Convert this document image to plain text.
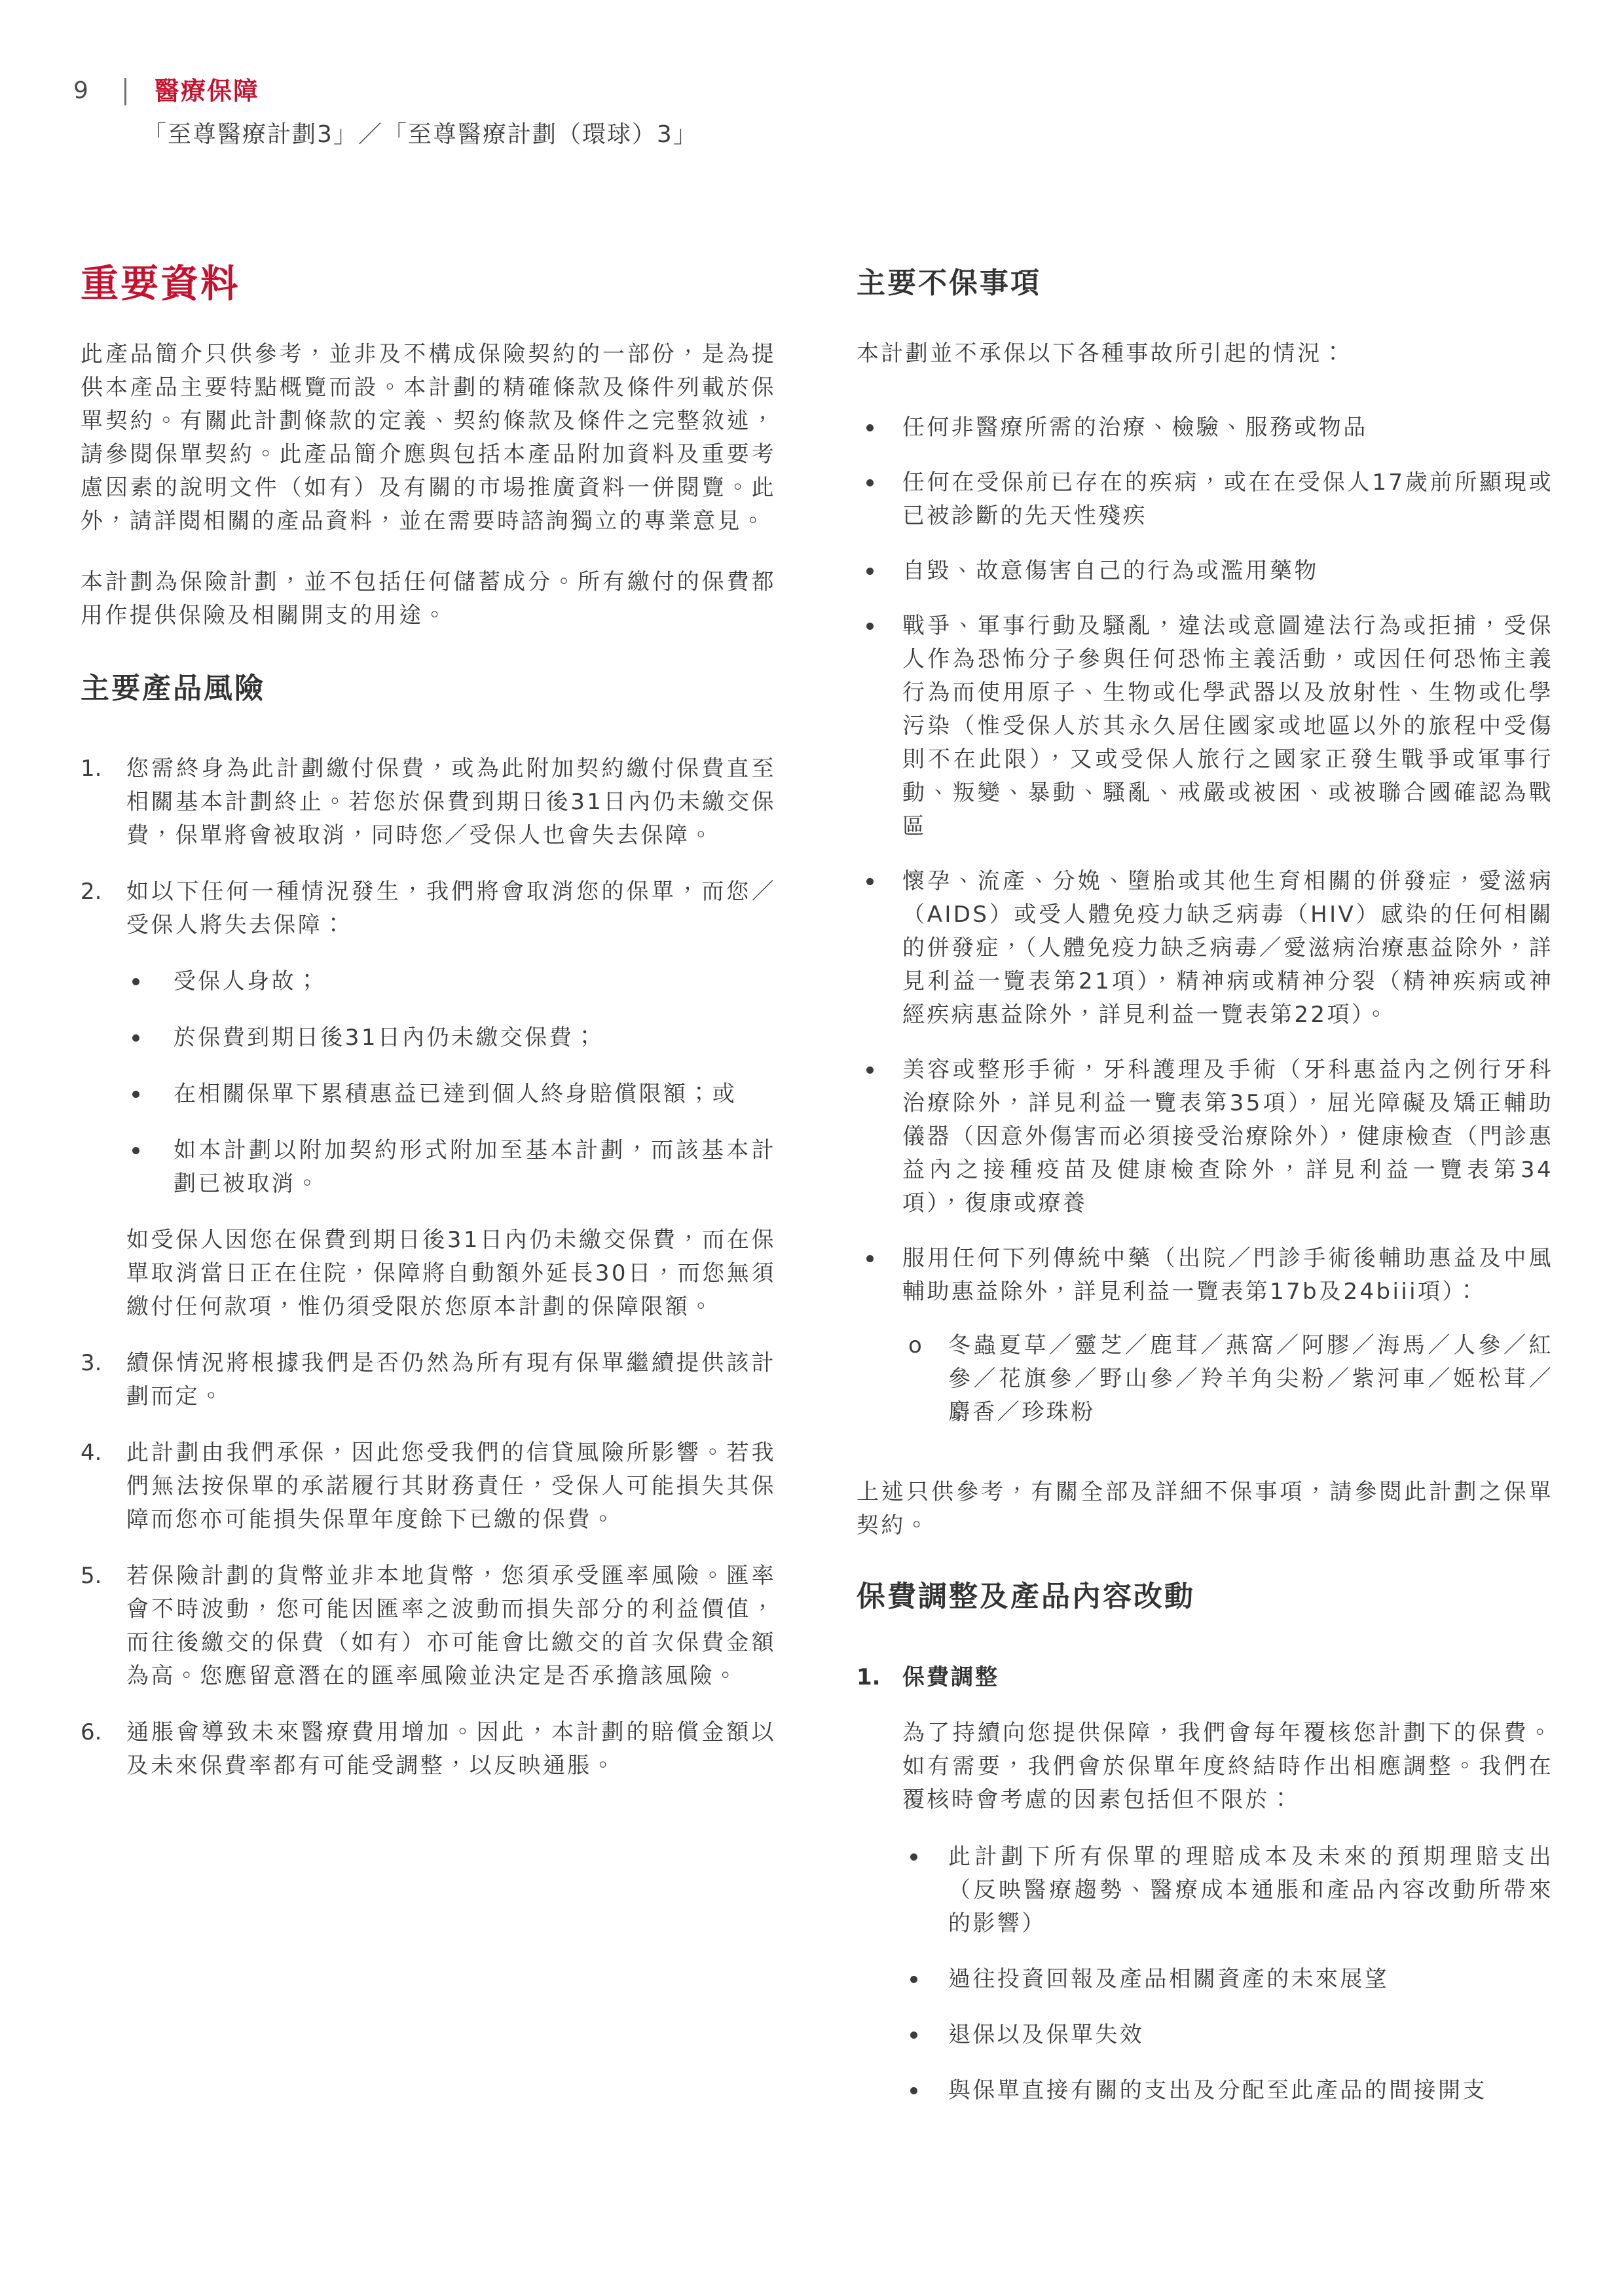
9	醫療保障
「至尊醫療計劃3」／「至尊醫療計劃（環球）3」
重要資料

此產品簡介只供參考，並非及不構成保險契約的一部份，是為提供本產品主要特點概覽而設。本計劃的精確條款及條件列載於保單契約。有關此計劃條款的定義、契約條款及條件之完整敘述，請參閱保單契約。此產品簡介應與包括本產品附加資料及重要考慮因素的說明文件（如有）及有關的市場推廣資料一併閱覽。此外，請詳閱相關的產品資料，並在需要時諮詢獨立的專業意見。

本計劃為保險計劃，並不包括任何儲蓄成分。所有繳付的保費都用作提供保險及相關開支的用途。

主要產品風險
1.	您需終身為此計劃繳付保費，或為此附加契約繳付保費直至相關基本計劃終止。若您於保費到期日後31日內仍未繳交保費，保單將會被取消，同時您／受保人也會失去保障。

2.	如以下任何一種情況發生，我們將會取消您的保單，而您／受保人將失去保障：

受保人身故；

於保費到期日後31日內仍未繳交保費；

在相關保單下累積惠益已達到個人終身賠償限額；或

如本計劃以附加契約形式附加至基本計劃，而該基本計劃已被取消。

如受保人因您在保費到期日後31日內仍未繳交保費，而在保單取消當日正在住院，保障將自動額外延長30日，而您無須繳付任何款項，惟仍須受限於您原本計劃的保障限額。

3.	續保情況將根據我們是否仍然為所有現有保單繼續提供該計劃而定。

4.	此計劃由我們承保，因此您受我們的信貸風險所影響。若我們無法按保單的承諾履行其財務責任，受保人可能損失其保障而您亦可能損失保單年度餘下已繳的保費。

5.	若保險計劃的貨幣並非本地貨幣，您須承受匯率風險。匯率會不時波動，您可能因匯率之波動而損失部分的利益價值，而往後繳交的保費（如有）亦可能會比繳交的首次保費金額為高。您應留意潛在的匯率風險並決定是否承擔該風險。

6.	通脹會導致未來醫療費用增加。因此，本計劃的賠償金額以及未來保費率都有可能受調整，以反映通脹。

主要不保事項

本計劃並不承保以下各種事故所引起的情況：

任何非醫療所需的治療、檢驗、服務或物品

任何在受保前已存在的疾病，或在在受保人17歲前所顯現或已被診斷的先天性殘疾

自毀、故意傷害自己的行為或濫用藥物

戰爭、軍事行動及騷亂，違法或意圖違法行為或拒捕，受保人作為恐怖分子參與任何恐怖主義活動，或因任何恐怖主義行為而使用原子、生物或化學武器以及放射性、生物或化學污染（惟受保人於其永久居住國家或地區以外的旅程中受傷則不在此限），又或受保人旅行之國家正發生戰爭或軍事行動、叛變、暴動、騷亂、戒嚴或被困、或被聯合國確認為戰區

懷孕、流產、分娩、墮胎或其他生育相關的併發症，愛滋病（AIDS）或受人體免疫力缺乏病毒（HIV）感染的任何相關的併發症，（人體免疫力缺乏病毒／愛滋病治療惠益除外，詳見利益一覽表第21項），精神病或精神分裂（精神疾病或神經疾病惠益除外，詳見利益一覽表第22項）。

美容或整形手術，牙科護理及手術（牙科惠益內之例行牙科治療除外，詳見利益一覽表第35項），屈光障礙及矯正輔助儀器（因意外傷害而必須接受治療除外），健康檢查（門診惠益內之接種疫苗及健康檢查除外，詳見利益一覽表第34項），復康或療養

服用任何下列傳統中藥（出院／門診手術後輔助惠益及中風輔助惠益除外，詳見利益一覽表第17b及24biii項）：

o 冬蟲夏草／靈芝／鹿茸／燕窩／阿膠／海馬／人參／紅參／花旗參／野山參／羚羊角尖粉／紫河車／姬松茸／麝香／珍珠粉

上述只供參考，有關全部及詳細不保事項，請參閱此計劃之保單契約。

保費調整及產品內容改動
1. 保費調整

為了持續向您提供保障，我們會每年覆核您計劃下的保費。如有需要，我們會於保單年度終結時作出相應調整。我們在覆核時會考慮的因素包括但不限於：

此計劃下所有保單的理賠成本及未來的預期理賠支出（反映醫療趨勢、醫療成本通脹和產品內容改動所帶來的影響）

過往投資回報及產品相關資產的未來展望

退保以及保單失效

與保單直接有關的支出及分配至此產品的間接開支
